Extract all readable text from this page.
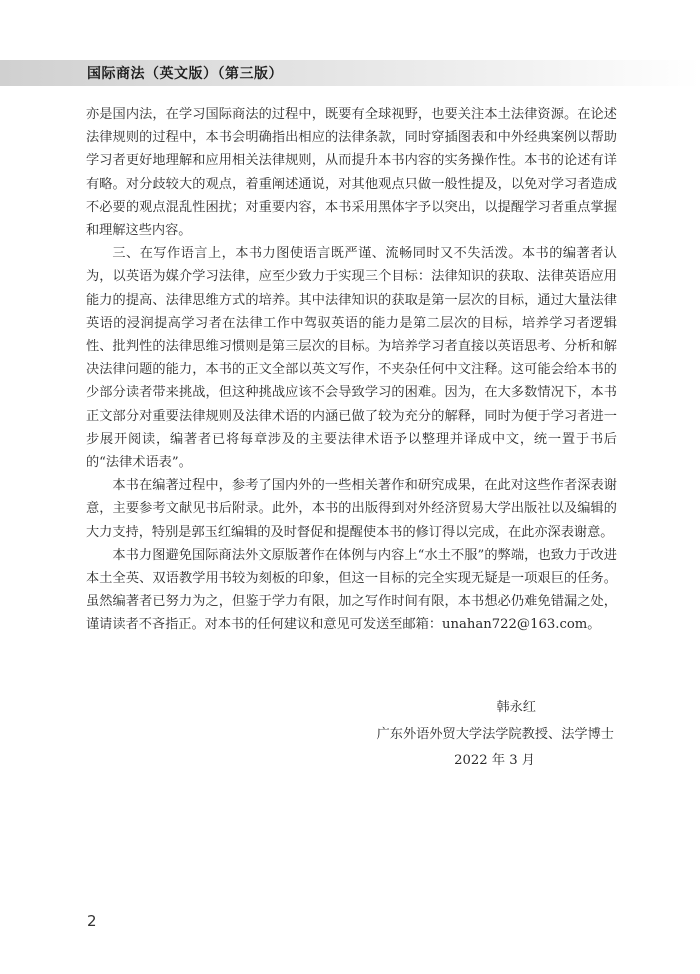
国际商法（英文版）（第三版）

亦是国内法，在学习国际商法的过程中，既要有全球视野，也要关注本土法律资源。在论述法律规则的过程中，本书会明确指出相应的法律条款，同时穿插图表和中外经典案例以帮助学习者更好地理解和应用相关法律规则，从而提升本书内容的实务操作性。本书的论述有详有略。对分歧较大的观点，着重阐述通说，对其他观点只做一般性提及，以免对学习者造成不必要的观点混乱性困扰；对重要内容，本书采用黑体字予以突出，以提醒学习者重点掌握和理解这些内容。

三、在写作语言上，本书力图使语言既严谨、流畅同时又不失活泼。本书的编著者认为，以英语为媒介学习法律，应至少致力于实现三个目标：法律知识的获取、法律英语应用能力的提高、法律思维方式的培养。其中法律知识的获取是第一层次的目标，通过大量法律英语的浸润提高学习者在法律工作中驾驭英语的能力是第二层次的目标，培养学习者逻辑性、批判性的法律思维习惯则是第三层次的目标。为培养学习者直接以英语思考、分析和解决法律问题的能力，本书的正文全部以英文写作，不夹杂任何中文注释。这可能会给本书的少部分读者带来挑战，但这种挑战应该不会导致学习的困难。因为，在大多数情况下，本书正文部分对重要法律规则及法律术语的内涵已做了较为充分的解释，同时为便于学习者进一步展开阅读，编著者已将每章涉及的主要法律术语予以整理并译成中文，统一置于书后的“法律术语表”。

本书在编著过程中，参考了国内外的一些相关著作和研究成果，在此对这些作者深表谢意，主要参考文献见书后附录。此外，本书的出版得到对外经济贸易大学出版社以及编辑的大力支持，特别是郭玉红编辑的及时督促和提醒使本书的修订得以完成，在此亦深表谢意。

本书力图避免国际商法外文原版著作在体例与内容上“水土不服”的弊端，也致力于改进本土全英、双语教学用书较为刻板的印象，但这一目标的完全实现无疑是一项艰巨的任务。虽然编著者已努力为之，但鉴于学力有限，加之写作时间有限，本书想必仍难免错漏之处，谨请读者不吝指正。对本书的任何建议和意见可发送至邮箱：unahan722@163.com。

韩永红
广东外语外贸大学法学院教授、法学博士
2022 年 3 月
2
